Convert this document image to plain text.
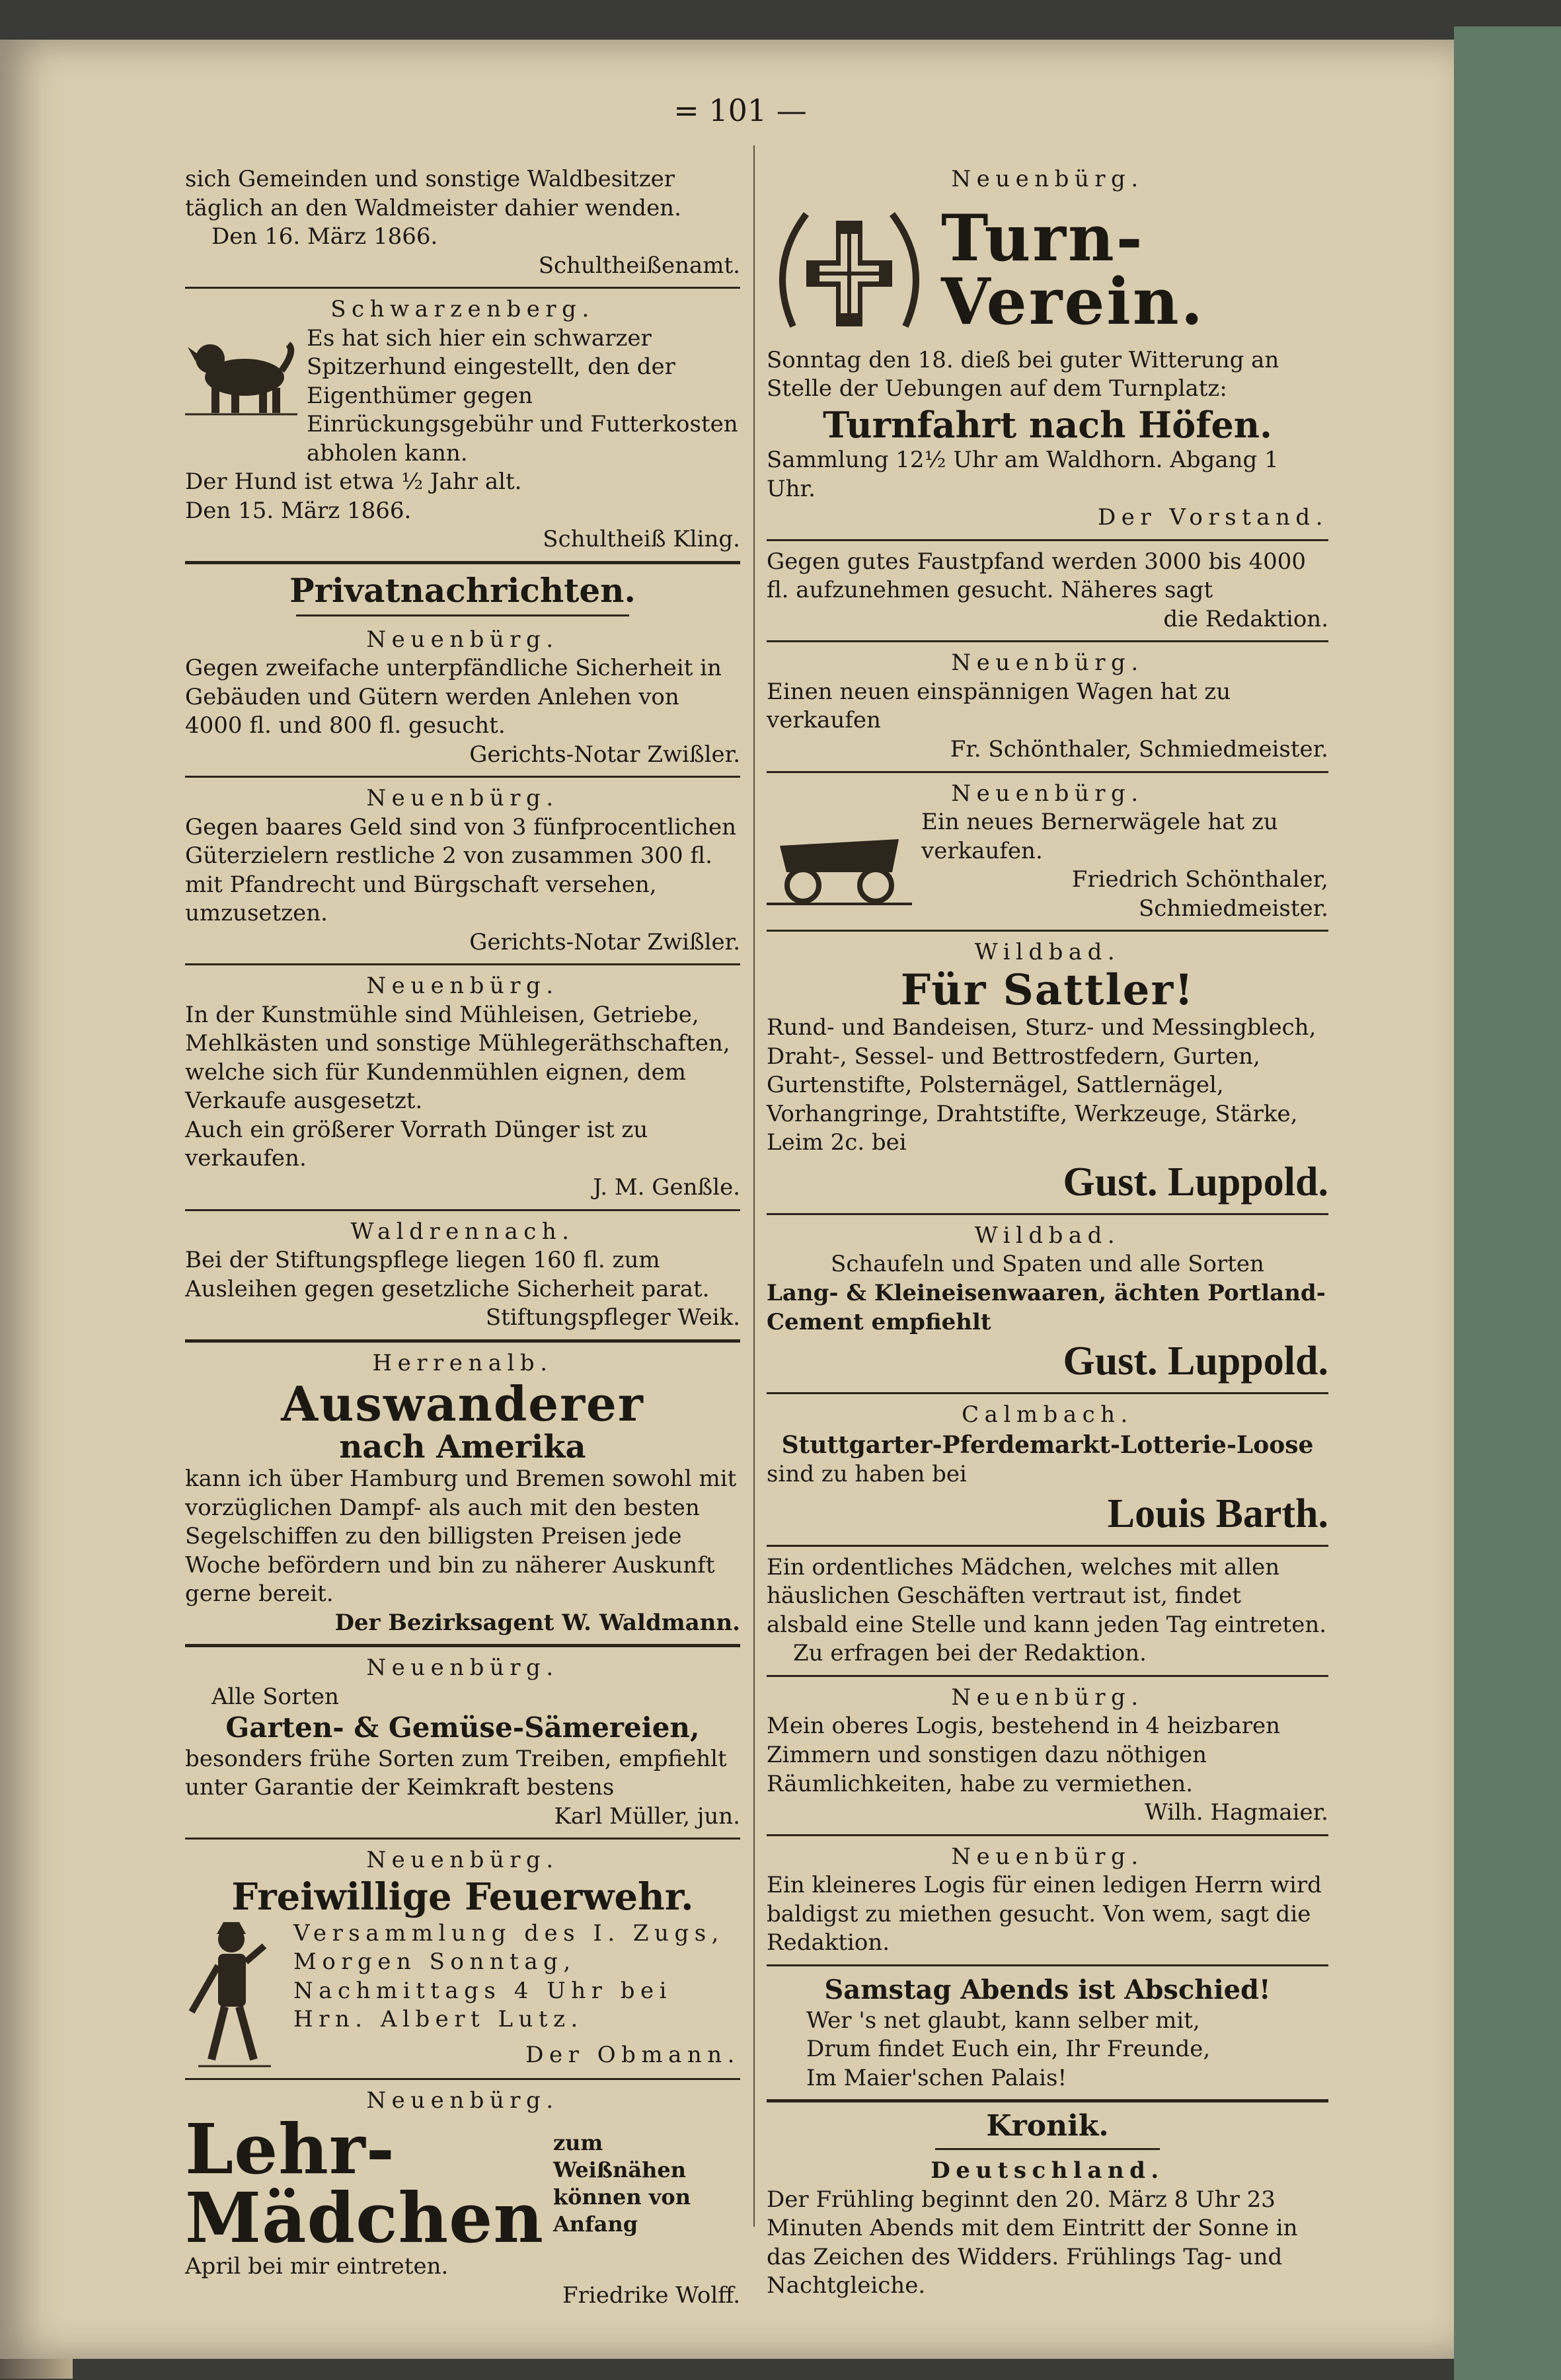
= 101 —

sich Gemeinden und sonstige Waldbesitzer täglich an den Waldmeister dahier wenden.

Den 16. März 1866.

Schultheißenamt.

Schwarzenberg.

Es hat sich hier ein schwarzer Spitzerhund eingestellt, den der Eigenthümer gegen Einrückungsgebühr und Futterkosten abholen kann.

Der Hund ist etwa ½ Jahr alt.

Den 15. März 1866.

Schultheiß Kling.

Privatnachrichten.

Neuenbürg.

Gegen zweifache unterpfändliche Sicherheit in Gebäuden und Gütern werden Anlehen von 4000 fl. und 800 fl. gesucht.

Gerichts-Notar Zwißler.

Neuenbürg.

Gegen baares Geld sind von 3 fünfprocentlichen Güterzielern restliche 2 von zusammen 300 fl. mit Pfandrecht und Bürgschaft versehen, umzusetzen.

Gerichts-Notar Zwißler.

Neuenbürg.

In der Kunstmühle sind Mühleisen, Getriebe, Mehlkästen und sonstige Mühlegeräthschaften, welche sich für Kundenmühlen eignen, dem Verkaufe ausgesetzt.

Auch ein größerer Vorrath Dünger ist zu verkaufen.

J. M. Genßle.

Waldrennach.

Bei der Stiftungspflege liegen 160 fl. zum Ausleihen gegen gesetzliche Sicherheit parat.

Stiftungspfleger Weik.

Herrenalb.

Auswanderer

nach Amerika

kann ich über Hamburg und Bremen sowohl mit vorzüglichen Dampf- als auch mit den besten Segelschiffen zu den billigsten Preisen jede Woche befördern und bin zu näherer Auskunft gerne bereit.

Der Bezirksagent W. Waldmann.

Neuenbürg.

Alle Sorten

Garten- & Gemüse-Sämereien,

besonders frühe Sorten zum Treiben, empfiehlt unter Garantie der Keimkraft bestens

Karl Müller, jun.

Neuenbürg.

Freiwillige Feuerwehr.

Versammlung des I. Zugs, Morgen Sonntag, Nachmittags 4 Uhr bei Hrn. Albert Lutz.

Der Obmann.

Neuenbürg.

Lehr-Mädchen

zum Weißnähen können von Anfang

April bei mir eintreten.

Friedrike Wolff.

Neuenbürg.

Turn-Verein.

Sonntag den 18. dieß bei guter Witterung an Stelle der Uebungen auf dem Turnplatz:

Turnfahrt nach Höfen.

Sammlung 12½ Uhr am Waldhorn. Abgang 1 Uhr.

Der Vorstand.

Gegen gutes Faustpfand werden 3000 bis 4000 fl. aufzunehmen gesucht. Näheres sagt

die Redaktion.

Neuenbürg.

Einen neuen einspännigen Wagen hat zu verkaufen

Fr. Schönthaler, Schmiedmeister.

Neuenbürg.

Ein neues Bernerwägele hat zu verkaufen.

Friedrich Schönthaler,

Schmiedmeister.

Wildbad.

Für Sattler!

Rund- und Bandeisen, Sturz- und Messingblech, Draht-, Sessel- und Bettrostfedern, Gurten, Gurtenstifte, Polsternägel, Sattlernägel, Vorhangringe, Drahtstifte, Werkzeuge, Stärke, Leim 2c. bei

Gust. Luppold.

Wildbad.

Schaufeln und Spaten und alle Sorten

Lang- & Kleineisenwaaren, ächten Portland-Cement empfiehlt

Gust. Luppold.

Calmbach.

Stuttgarter-Pferdemarkt-Lotterie-Loose

sind zu haben bei

Louis Barth.

Ein ordentliches Mädchen, welches mit allen häuslichen Geschäften vertraut ist, findet alsbald eine Stelle und kann jeden Tag eintreten.

Zu erfragen bei der Redaktion.

Neuenbürg.

Mein oberes Logis, bestehend in 4 heizbaren Zimmern und sonstigen dazu nöthigen Räumlichkeiten, habe zu vermiethen.

Wilh. Hagmaier.

Neuenbürg.

Ein kleineres Logis für einen ledigen Herrn wird baldigst zu miethen gesucht. Von wem, sagt die Redaktion.

Samstag Abends ist Abschied!

Wer 's net glaubt, kann selber mit,

Drum findet Euch ein, Ihr Freunde,

Im Maier'schen Palais!

Kronik.

Deutschland.

Der Frühling beginnt den 20. März 8 Uhr 23 Minuten Abends mit dem Eintritt der Sonne in das Zeichen des Widders. Frühlings Tag- und Nachtgleiche.
